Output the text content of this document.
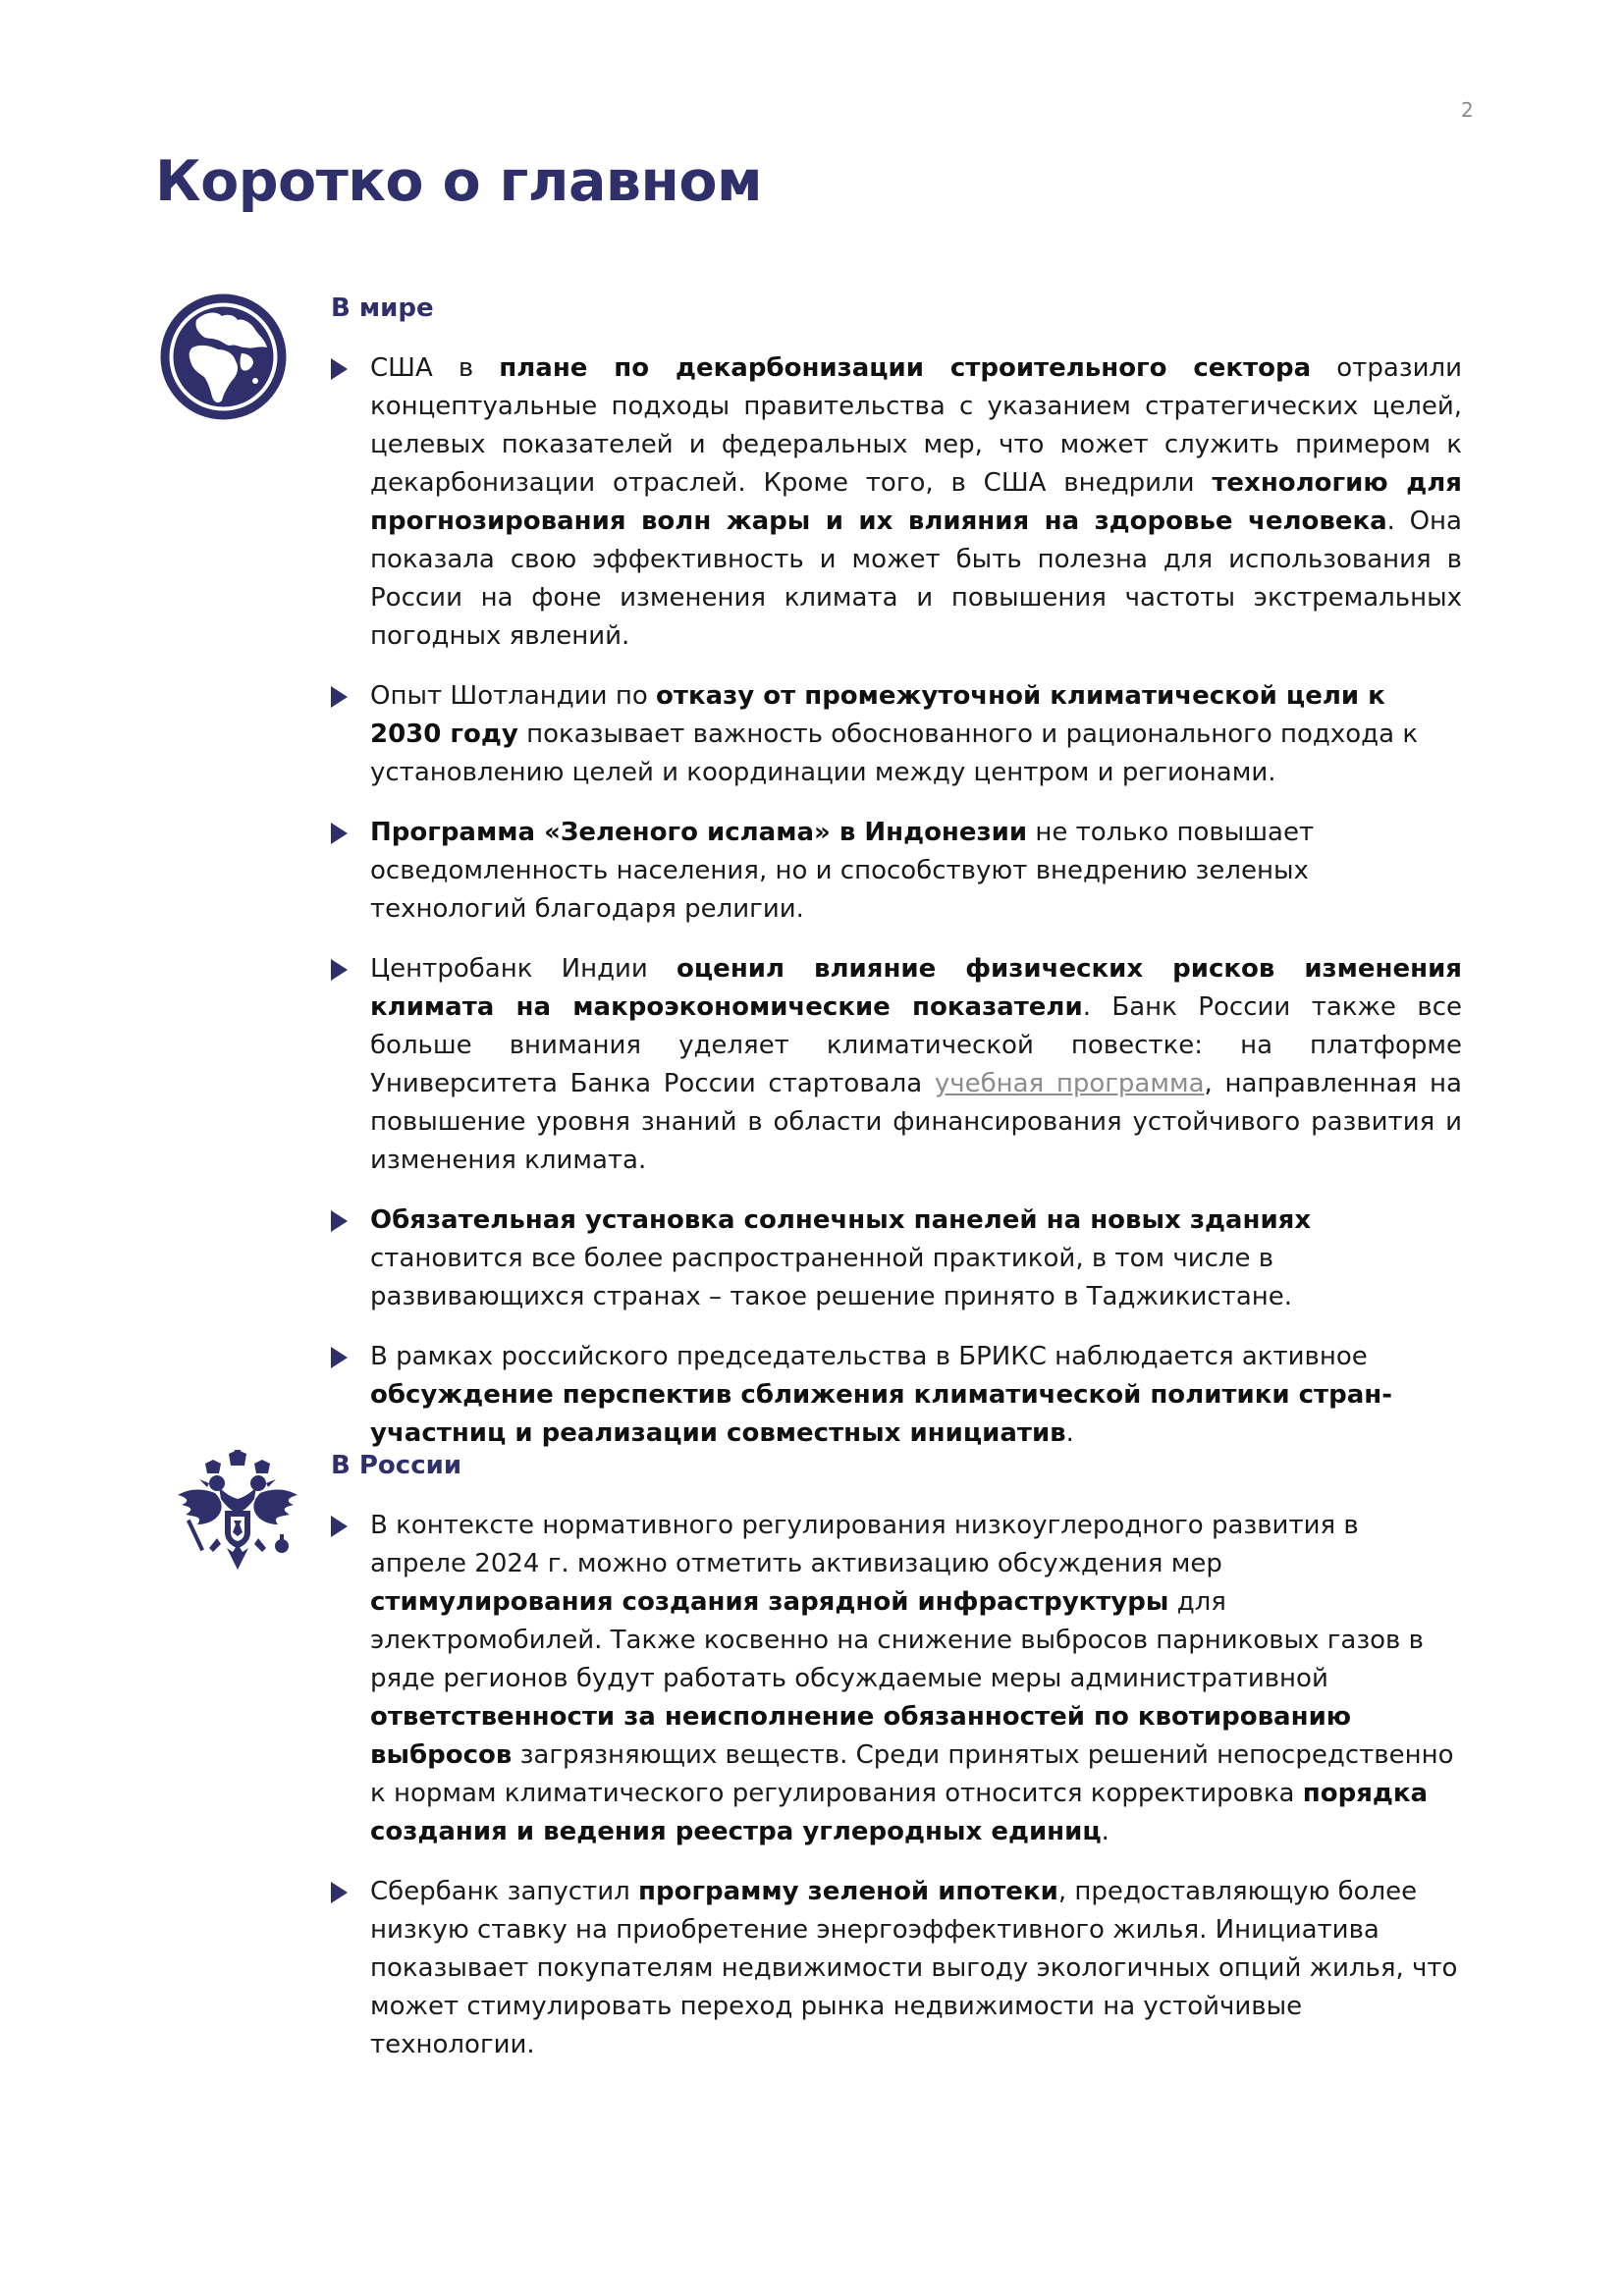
2
Коротко о главном
В мире
США в плане по декарбонизации строительного сектора отразили концептуальные подходы правительства с указанием стратегических целей, целевых показателей и федеральных мер, что может служить примером к декарбонизации отраслей. Кроме того, в США внедрили технологию для прогнозирования волн жары и их влияния на здоровье человека. Она показала свою эффективность и может быть полезна для использования в России на фоне изменения климата и повышения частоты экстремальных погодных явлений.
Опыт Шотландии по отказу от промежуточной климатической цели к 2030 году показывает важность обоснованного и рационального подхода к установлению целей и координации между центром и регионами.
Программа «Зеленого ислама» в Индонезии не только повышает осведомленность населения, но и способствуют внедрению зеленых технологий благодаря религии.
Центробанк Индии оценил влияние физических рисков изменения климата на макроэкономические показатели. Банк России также все больше внимания уделяет климатической повестке: на платформе Университета Банка России стартовала учебная программа, направленная на повышение уровня знаний в области финансирования устойчивого развития и изменения климата.
Обязательная установка солнечных панелей на новых зданиях становится все более распространенной практикой, в том числе в развивающихся странах – такое решение принято в Таджикистане.
В рамках российского председательства в БРИКС наблюдается активное обсуждение перспектив сближения климатической политики стран-участниц и реализации совместных инициатив.
В России
В контексте нормативного регулирования низкоуглеродного развития в апреле 2024 г. можно отметить активизацию обсуждения мер стимулирования создания зарядной инфраструктуры для электромобилей. Также косвенно на снижение выбросов парниковых газов в ряде регионов будут работать обсуждаемые меры административной ответственности за неисполнение обязанностей по квотированию выбросов загрязняющих веществ. Среди принятых решений непосредственно к нормам климатического регулирования относится корректировка порядка создания и ведения реестра углеродных единиц.
Сбербанк запустил программу зеленой ипотеки, предоставляющую более низкую ставку на приобретение энергоэффективного жилья. Инициатива показывает покупателям недвижимости выгоду экологичных опций жилья, что может стимулировать переход рынка недвижимости на устойчивые технологии.
